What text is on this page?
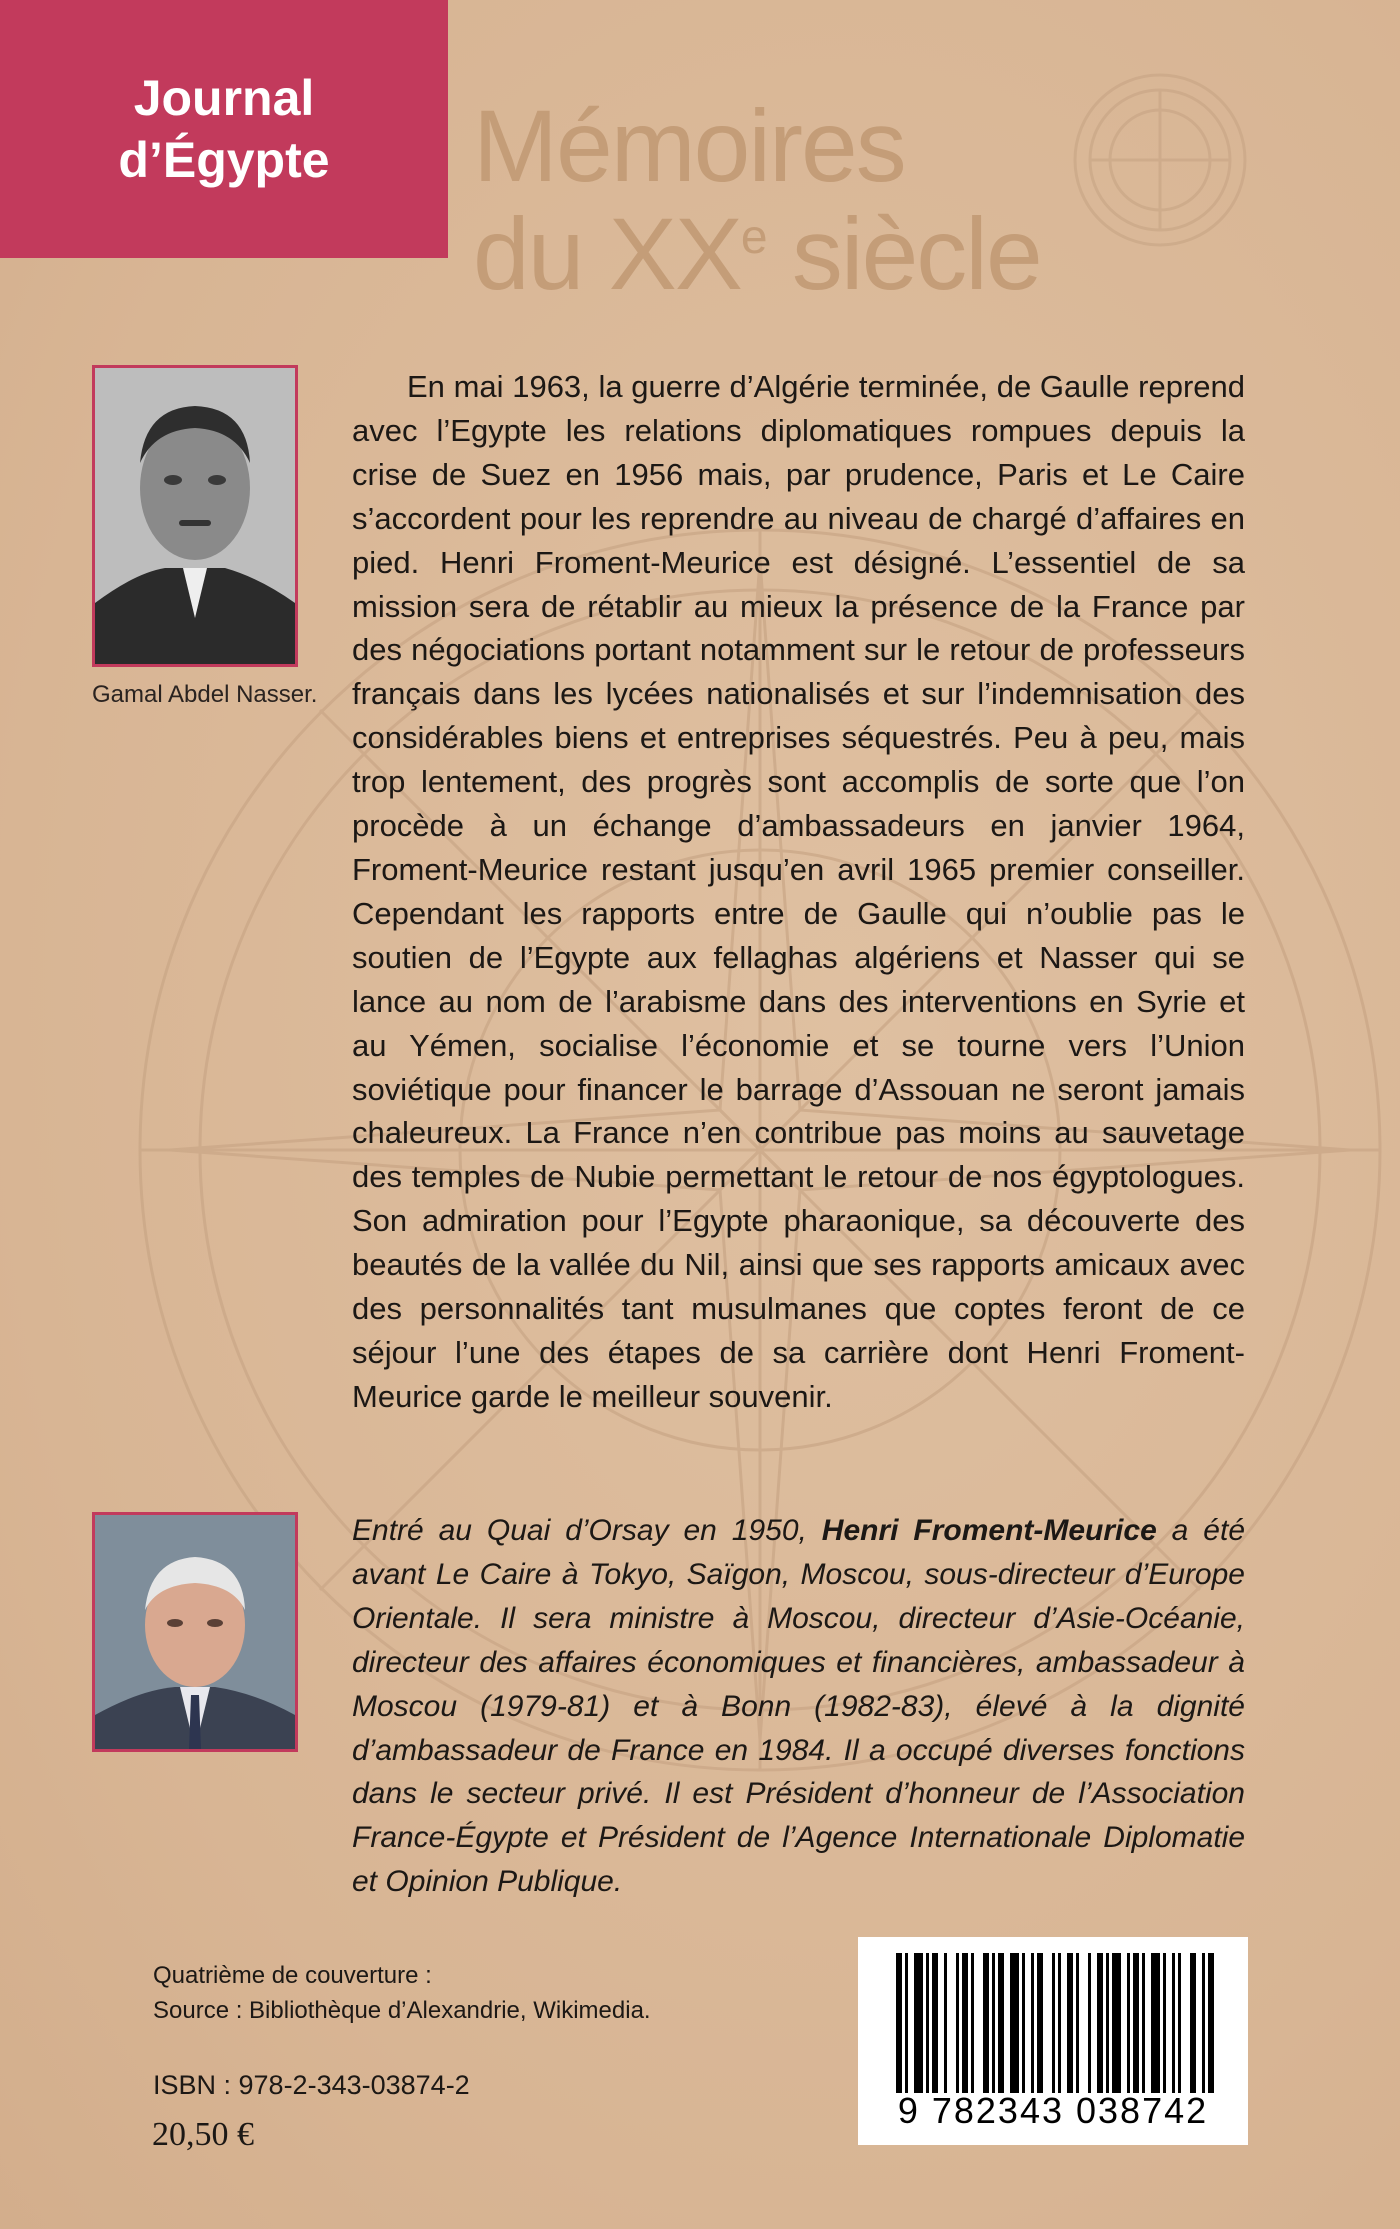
Journal
d’Égypte Mémoires
du XXe siècle
Gamal Abdel Nasser.

En mai 1963, la guerre d’Algérie terminée, de Gaulle reprend avec l’Egypte les relations diplomatiques rompues depuis la crise de Suez en 1956 mais, par prudence, Paris et Le Caire s’accordent pour les reprendre au niveau de chargé d’affaires en pied. Henri Froment-Meurice est désigné. L’essentiel de sa mission sera de rétablir au mieux la présence de la France par des négociations portant notamment sur le retour de professeurs français dans les lycées nationalisés et sur l’indemnisation des considérables biens et entreprises séquestrés. Peu à peu, mais trop lentement, des progrès sont accomplis de sorte que l’on procède à un échange d’ambassadeurs en janvier 1964, Froment-Meurice restant jusqu’en avril 1965 premier conseiller. Cependant les rapports entre de Gaulle qui n’oublie pas le soutien de l’Egypte aux fellaghas algériens et Nasser qui se lance au nom de l’arabisme dans des interventions en Syrie et au Yémen, socialise l’économie et se tourne vers l’Union soviétique pour financer le barrage d’Assouan ne seront jamais chaleureux. La France n’en contribue pas moins au sauvetage des temples de Nubie permettant le retour de nos égyptologues. Son admiration pour l’Egypte pharaonique, sa découverte des beautés de la vallée du Nil, ainsi que ses rapports amicaux avec des personnalités tant musulmanes que coptes feront de ce séjour l’une des étapes de sa carrière dont Henri Froment-Meurice garde le meilleur souvenir.

Entré au Quai d’Orsay en 1950, Henri Froment-Meurice a été avant Le Caire à Tokyo, Saïgon, Moscou, sous-directeur d’Europe Orientale. Il sera ministre à Moscou, directeur d’Asie-Océanie, directeur des affaires économiques et financières, ambassadeur à Moscou (1979-81) et à Bonn (1982-83), élevé à la dignité d’ambassadeur de France en 1984. Il a occupé diverses fonctions dans le secteur privé. Il est Président d’honneur de l’Association France-Égypte et Président de l’Agence Internationale Diplomatie et Opinion Publique.

Quatrième de couverture :
Source : Bibliothèque d’Alexandrie, Wikimedia.
ISBN : 978-2-343-03874-2
20,50 €
9 782343 038742
